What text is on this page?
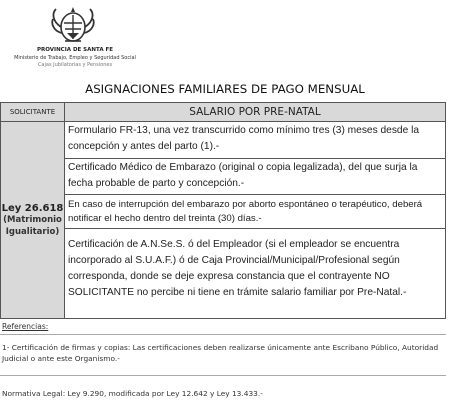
PROVINCIA DE SANTA FE
Ministerio de Trabajo, Empleo y Seguridad Social
Cajas Jubilatorias y Pensiones
ASIGNACIONES FAMILIARES DE PAGO MENSUAL
SOLICITANTE	SALARIO POR PRE-NATAL
Ley 26.618
(Matrimonio
Igualitario)
Formulario FR-13, una vez transcurrido como mínimo tres (3) meses desde la concepción y antes del parto (1).-
Certificado Médico de Embarazo (original o copia legalizada), del que surja la fecha probable de parto y concepción.-
En caso de interrupción del embarazo por aborto espontáneo o terapéutico, deberá notificar el hecho dentro del treinta (30) días.-
Certificación de A.N.Se.S. ó del Empleador (si el empleador se encuentra incorporado al S.U.A.F.) ó de Caja Provincial/Municipal/Profesional según corresponda, donde se deje expresa constancia que el contrayente NO SOLICITANTE no percibe ni tiene en trámite salario familiar por Pre-Natal.-
Referencias:
1- Certificación de firmas y copias: Las certificaciones deben realizarse únicamente ante Escribano Público, Autoridad Judicial o ante este Organismo.-
Normativa Legal: Ley 9.290, modificada por Ley 12.642 y Ley 13.433.-
